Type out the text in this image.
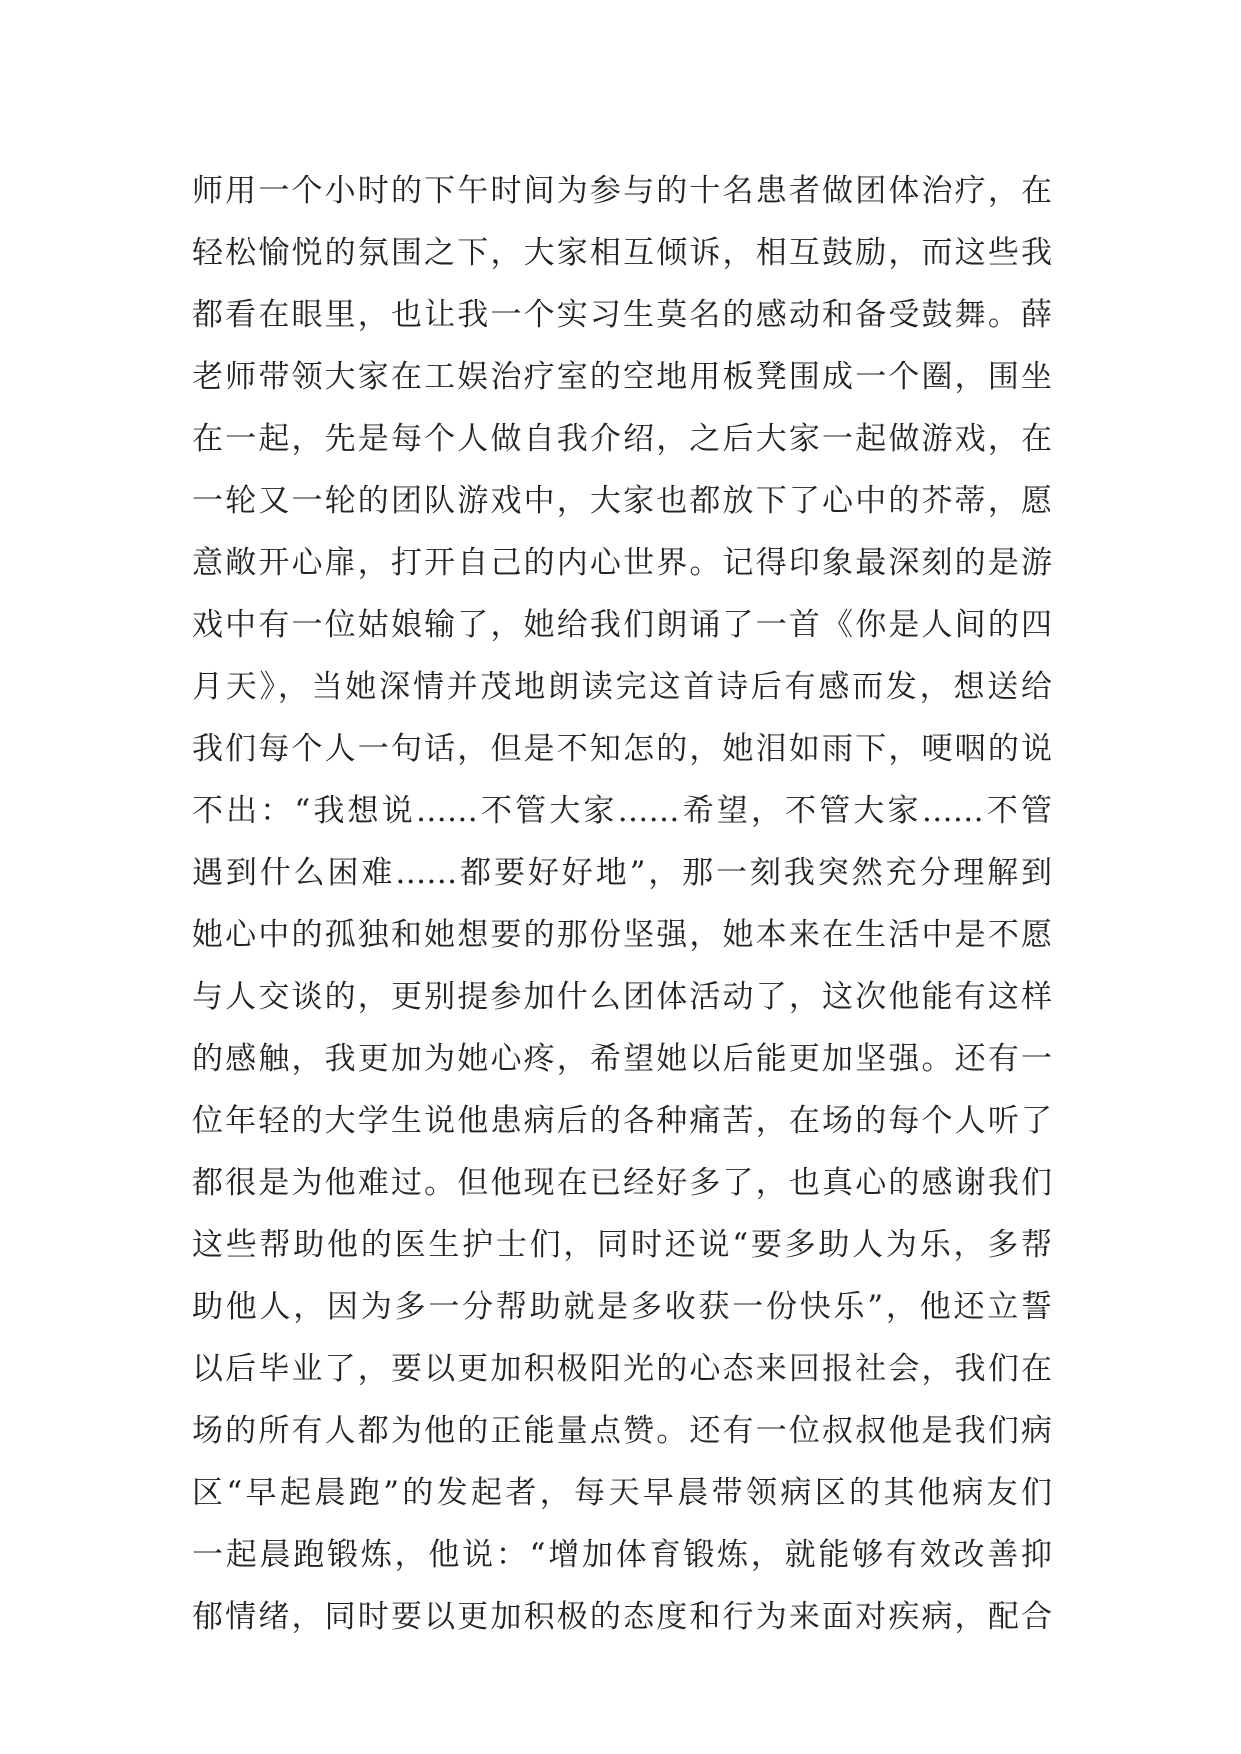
师用一个小时的下午时间为参与的十名患者做团体治疗，在
轻松愉悦的氛围之下，大家相互倾诉，相互鼓励，而这些我
都看在眼里，也让我一个实习生莫名的感动和备受鼓舞。薛
老师带领大家在工娱治疗室的空地用板凳围成一个圈，围坐
在一起，先是每个人做自我介绍，之后大家一起做游戏，在
一轮又一轮的团队游戏中，大家也都放下了心中的芥蒂，愿
意敞开心扉，打开自己的内心世界。记得印象最深刻的是游
戏中有一位姑娘输了，她给我们朗诵了一首《你是人间的四
月天》，当她深情并茂地朗读完这首诗后有感而发，想送给
我们每个人一句话，但是不知怎的，她泪如雨下，哽咽的说
不出：“我想说……不管大家……希望，不管大家……不管
遇到什么困难……都要好好地”，那一刻我突然充分理解到
她心中的孤独和她想要的那份坚强，她本来在生活中是不愿
与人交谈的，更别提参加什么团体活动了，这次他能有这样
的感触，我更加为她心疼，希望她以后能更加坚强。还有一
位年轻的大学生说他患病后的各种痛苦，在场的每个人听了
都很是为他难过。但他现在已经好多了，也真心的感谢我们
这些帮助他的医生护士们，同时还说“要多助人为乐，多帮
助他人，因为多一分帮助就是多收获一份快乐”，他还立誓
以后毕业了，要以更加积极阳光的心态来回报社会，我们在
场的所有人都为他的正能量点赞。还有一位叔叔他是我们病
区“早起晨跑”的发起者，每天早晨带领病区的其他病友们
一起晨跑锻炼，他说：“增加体育锻炼，就能够有效改善抑
郁情绪，同时要以更加积极的态度和行为来面对疾病，配合
